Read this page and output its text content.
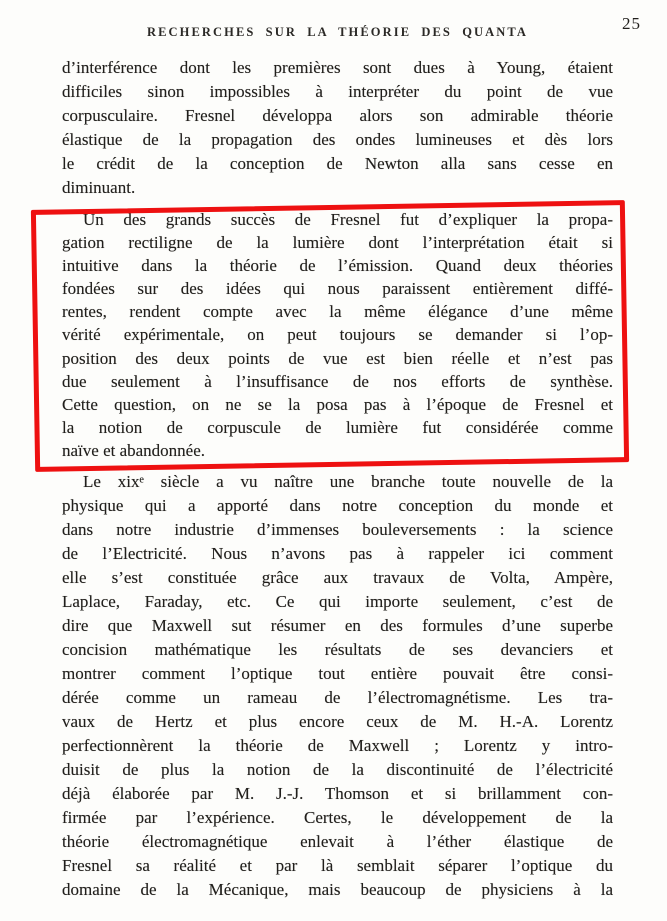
RECHERCHES SUR LA THÉORIE DES QUANTA	25
d’interférence dont les premières sont dues à Young, étaient
difficiles sinon impossibles à interpréter du point de vue
corpusculaire. Fresnel développa alors son admirable théorie
élastique de la propagation des ondes lumineuses et dès lors
le crédit de la conception de Newton alla sans cesse en
diminuant.
Un des grands succès de Fresnel fut d’expliquer la propa-
gation rectiligne de la lumière dont l’interprétation était si
intuitive dans la théorie de l’émission. Quand deux théories
fondées sur des idées qui nous paraissent entièrement diffé-
rentes, rendent compte avec la même élégance d’une même
vérité expérimentale, on peut toujours se demander si l’op-
position des deux points de vue est bien réelle et n’est pas
due seulement à l’insuffisance de nos efforts de synthèse.
Cette question, on ne se la posa pas à l’époque de Fresnel et
la notion de corpuscule de lumière fut considérée comme
naïve et abandonnée.
Le xixᵉ siècle a vu naître une branche toute nouvelle de la
physique qui a apporté dans notre conception du monde et
dans notre industrie d’immenses bouleversements : la science
de l’Electricité. Nous n’avons pas à rappeler ici comment
elle s’est constituée grâce aux travaux de Volta, Ampère,
Laplace, Faraday, etc. Ce qui importe seulement, c’est de
dire que Maxwell sut résumer en des formules d’une superbe
concision mathématique les résultats de ses devanciers et
montrer comment l’optique tout entière pouvait être consi-
dérée comme un rameau de l’électromagnétisme. Les tra-
vaux de Hertz et plus encore ceux de M. H.-A. Lorentz
perfectionnèrent la théorie de Maxwell ; Lorentz y intro-
duisit de plus la notion de la discontinuité de l’électricité
déjà élaborée par M. J.-J. Thomson et si brillamment con-
firmée par l’expérience. Certes, le développement de la
théorie électromagnétique enlevait à l’éther élastique de
Fresnel sa réalité et par là semblait séparer l’optique du
domaine de la Mécanique, mais beaucoup de physiciens à la
